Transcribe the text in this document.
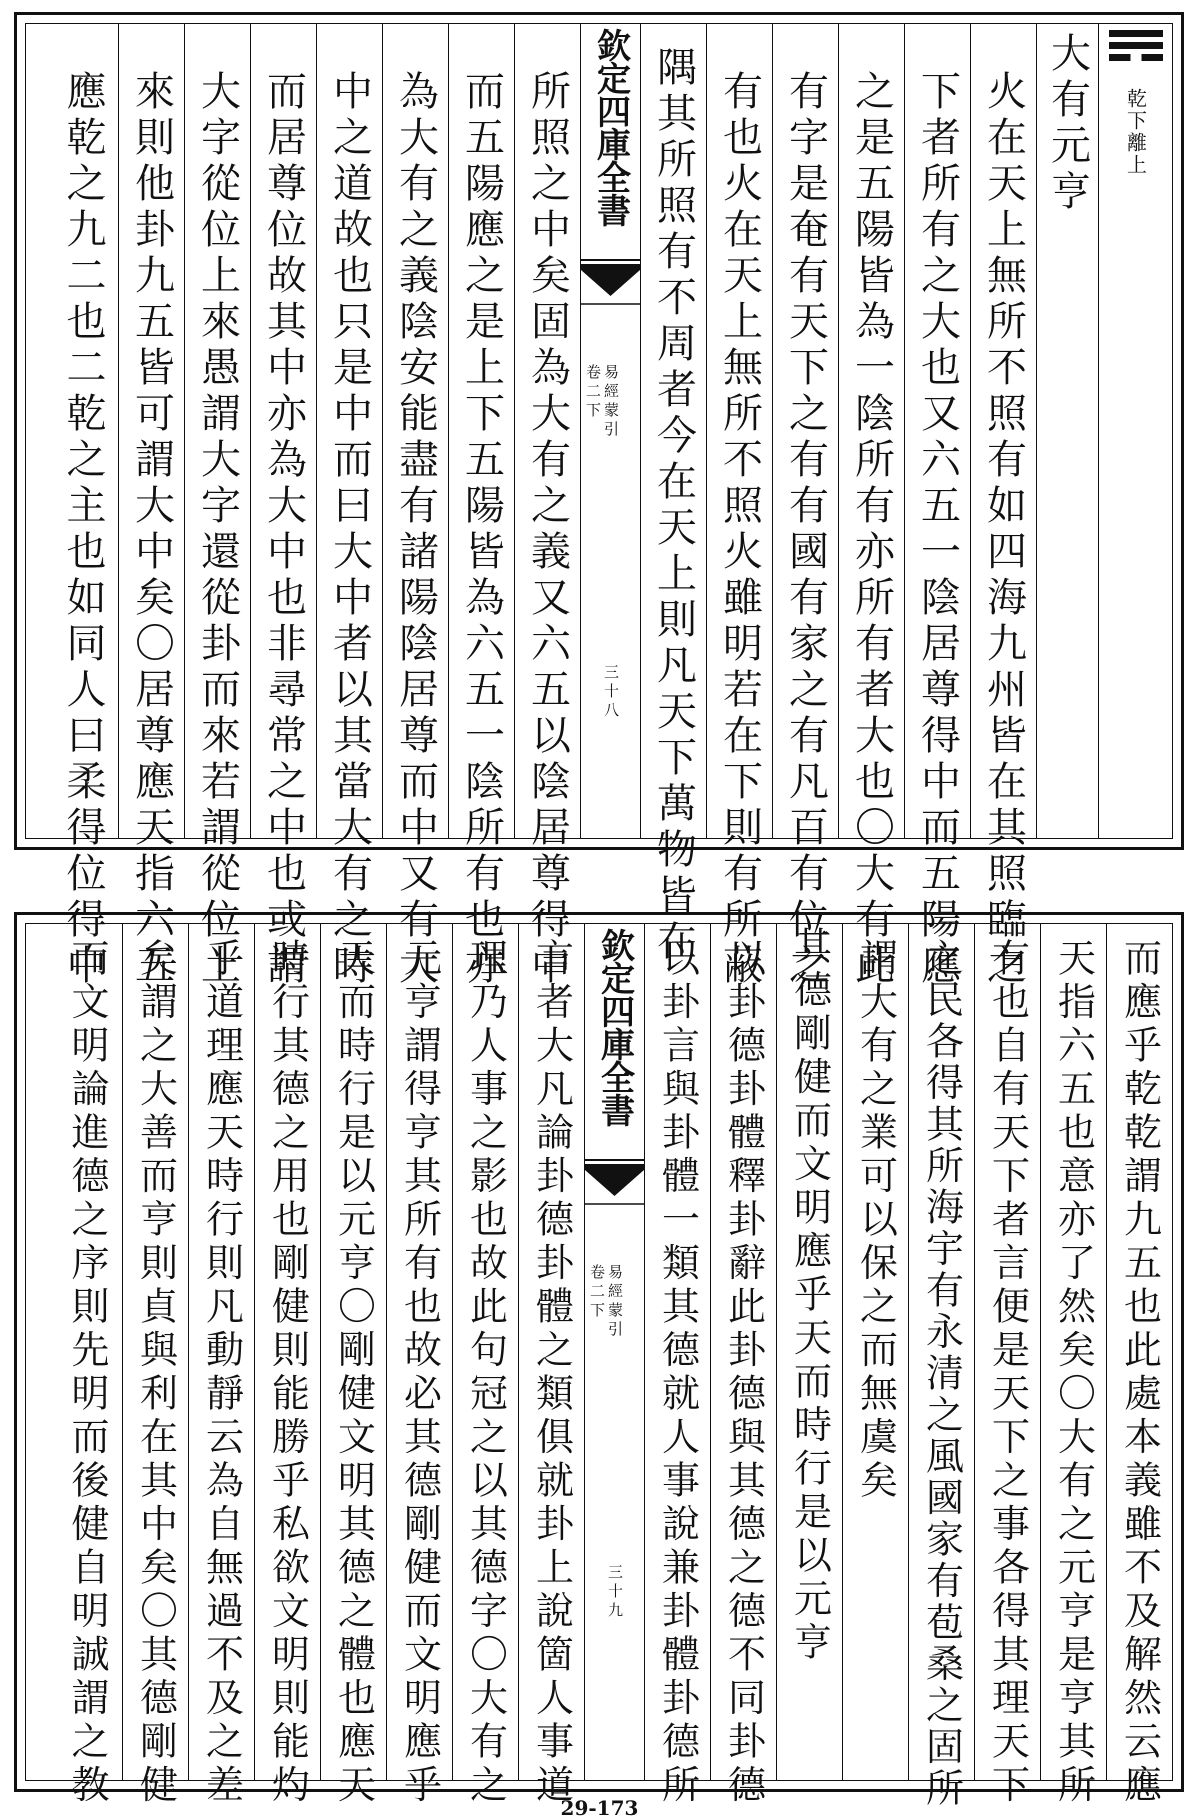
乾下離上
大有元亨
火在天上無所不照有如四海九州皆在其照臨之
下者所有之大也又六五一陰居尊得中而五陽應
之是五陽皆為一陰所有亦所有者大也〇大有此
有字是奄有天下之有有國有家之有凡百有位之
有也火在天上無所不照火雖明若在下則有所蔽
隅其所照有不周者今在天上則凡天下萬物皆在
欽定四庫全書
易經蒙引
卷二下
三十八
所照之中矣固為大有之義又六五以陰居尊得中
而五陽應之是上下五陽皆為六五一陰所有也亦
為大有之義陰安能盡有諸陽陰居尊而中又有大
中之道故也只是中而曰大中者以其當大有之時
而居尊位故其中亦為大中也非尋常之中也或謂
大字從位上來愚謂大字還從卦而來若謂從位上
來則他卦九五皆可謂大中矣〇居尊應天指六五
應乾之九二也二乾之主也如同人曰柔得位得中
而應乎乾乾謂九五也此處本義雖不及解然云應
天指六五也意亦了然矣〇大有之元亨是亨其所
有也自有天下者言便是天下之事各得其理天下
之民各得其所海宇有永清之風國家有苞桑之固所
謂大有之業可以保之而無虞矣
其德剛健而文明應乎天而時行是以元亨
以卦德卦體釋卦辭此卦德與其德之德不同卦德
以卦言與卦體一類其德就人事說兼卦體卦德所
欽定四庫全書
易經蒙引
卷二下
三十九
言者大凡論卦德卦體之類俱就卦上說箇人事道
理乃人事之影也故此句冠之以其德字〇大有之
元亨謂得亨其所有也故必其德剛健而文明應乎
天而時行是以元亨〇剛健文明其德之體也應天
時行其德之用也剛健則能勝乎私欲文明則能灼
乎道理應天時行則凡動靜云為自無過不及之差
矣謂之大善而亨則貞與利在其中矣〇其德剛健
而文明論進德之序則先明而後健自明誠謂之教	29-173
